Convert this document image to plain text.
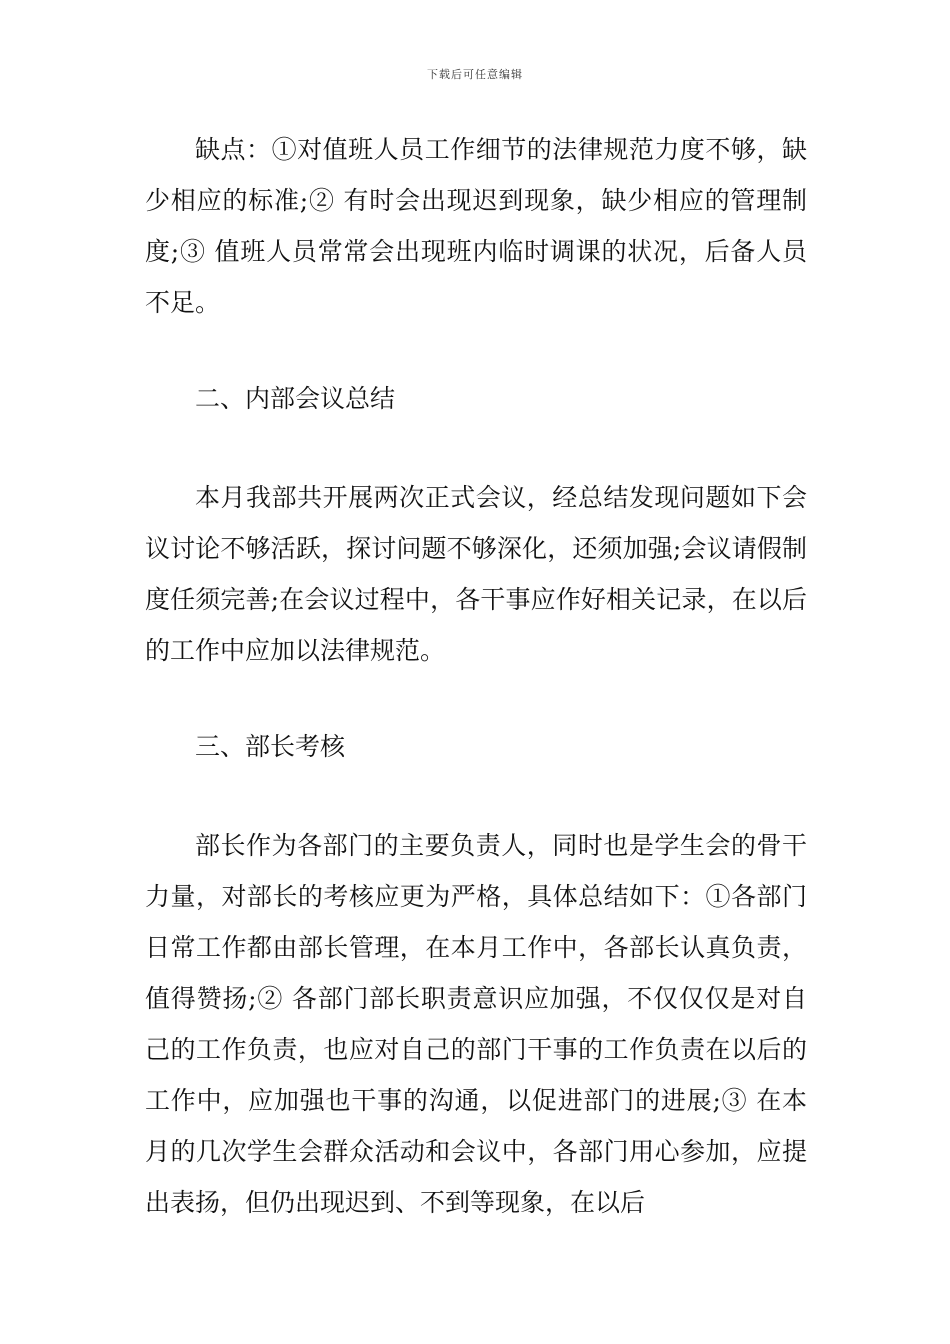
下载后可任意编辑

缺点：①对值班人员工作细节的法律规范力度不够，缺少相应的标准;② 有时会出现迟到现象，缺少相应的管理制度;③ 值班人员常常会出现班内临时调课的状况，后备人员不足。

二、内部会议总结

本月我部共开展两次正式会议，经总结发现问题如下会议讨论不够活跃，探讨问题不够深化，还须加强;会议请假制度任须完善;在会议过程中，各干事应作好相关记录，在以后的工作中应加以法律规范。

三、部长考核

部长作为各部门的主要负责人，同时也是学生会的骨干力量，对部长的考核应更为严格，具体总结如下：①各部门日常工作都由部长管理，在本月工作中，各部长认真负责，值得赞扬;② 各部门部长职责意识应加强，不仅仅仅是对自己的工作负责，也应对自己的部门干事的工作负责在以后的工作中，应加强也干事的沟通，以促进部门的进展;③ 在本月的几次学生会群众活动和会议中，各部门用心参加，应提出表扬，但仍出现迟到、不到等现象，在以后
